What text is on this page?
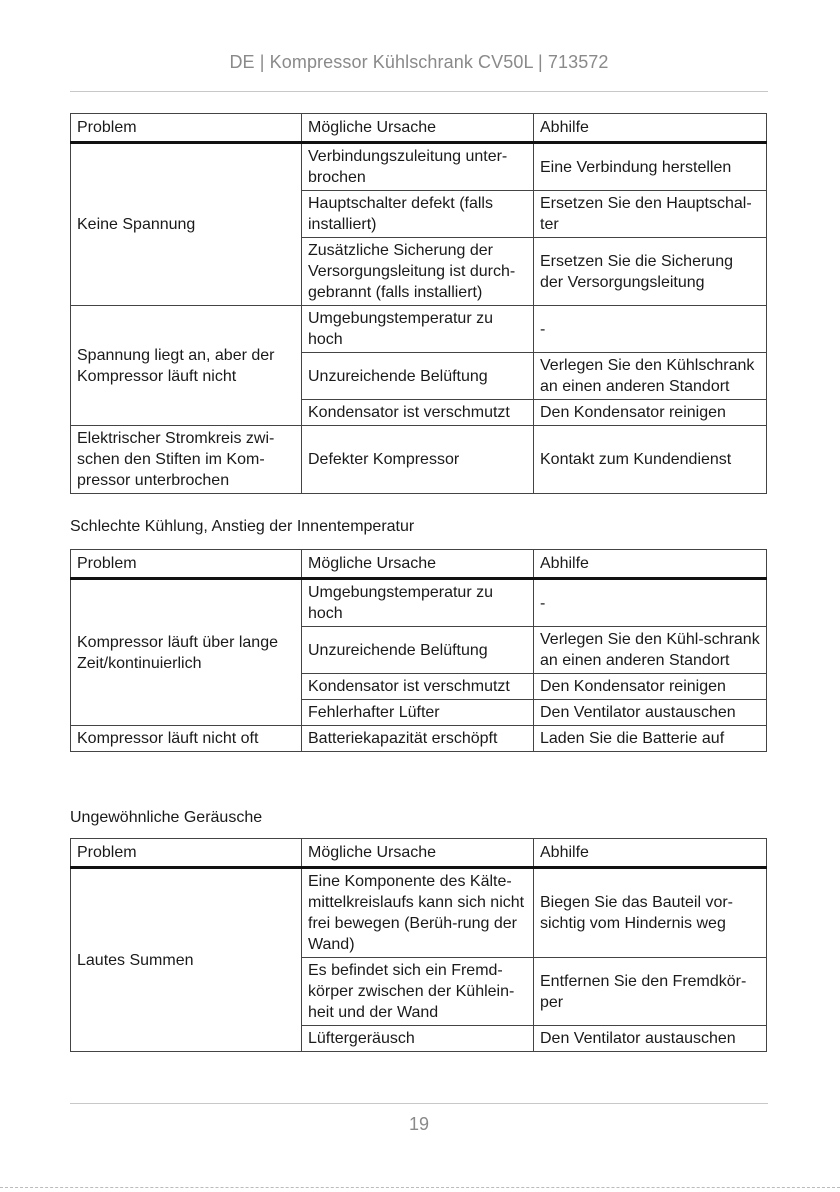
DE | Kompressor Kühlschrank CV50L | 713572
Problem	Mögliche Ursache	Abhilfe
Keine Spannung	Verbindungszuleitung unter-brochen	Eine Verbindung herstellen
	Hauptschalter defekt (falls installiert)	Ersetzen Sie den Hauptschal-ter
	Zusätzliche Sicherung der Versorgungsleitung ist durch-gebrannt (falls installiert)	Ersetzen Sie die Sicherung der Versorgungsleitung
Spannung liegt an, aber der Kompressor läuft nicht	Umgebungstemperatur zu hoch	-
	Unzureichende Belüftung	Verlegen Sie den Kühlschrank an einen anderen Standort
	Kondensator ist verschmutzt	Den Kondensator reinigen
Elektrischer Stromkreis zwi-schen den Stiften im Kom-pressor unterbrochen	Defekter Kompressor	Kontakt zum Kundendienst
Schlechte Kühlung, Anstieg der Innentemperatur
Problem	Mögliche Ursache	Abhilfe
Kompressor läuft über lange Zeit/kontinuierlich	Umgebungstemperatur zu hoch	-
	Unzureichende Belüftung	Verlegen Sie den Kühl-schrank an einen anderen Standort
	Kondensator ist verschmutzt	Den Kondensator reinigen
	Fehlerhafter Lüfter	Den Ventilator austauschen
Kompressor läuft nicht oft	Batteriekapazität erschöpft	Laden Sie die Batterie auf
Ungewöhnliche Geräusche
Problem	Mögliche Ursache	Abhilfe
Lautes Summen	Eine Komponente des Kälte-mittelkreislaufs kann sich nicht frei bewegen (Berüh-rung der Wand)	Biegen Sie das Bauteil vor-sichtig vom Hindernis weg
	Es befindet sich ein Fremd-körper zwischen der Kühlein-heit und der Wand	Entfernen Sie den Fremdkör-per
	Lüftergeräusch	Den Ventilator austauschen
19
